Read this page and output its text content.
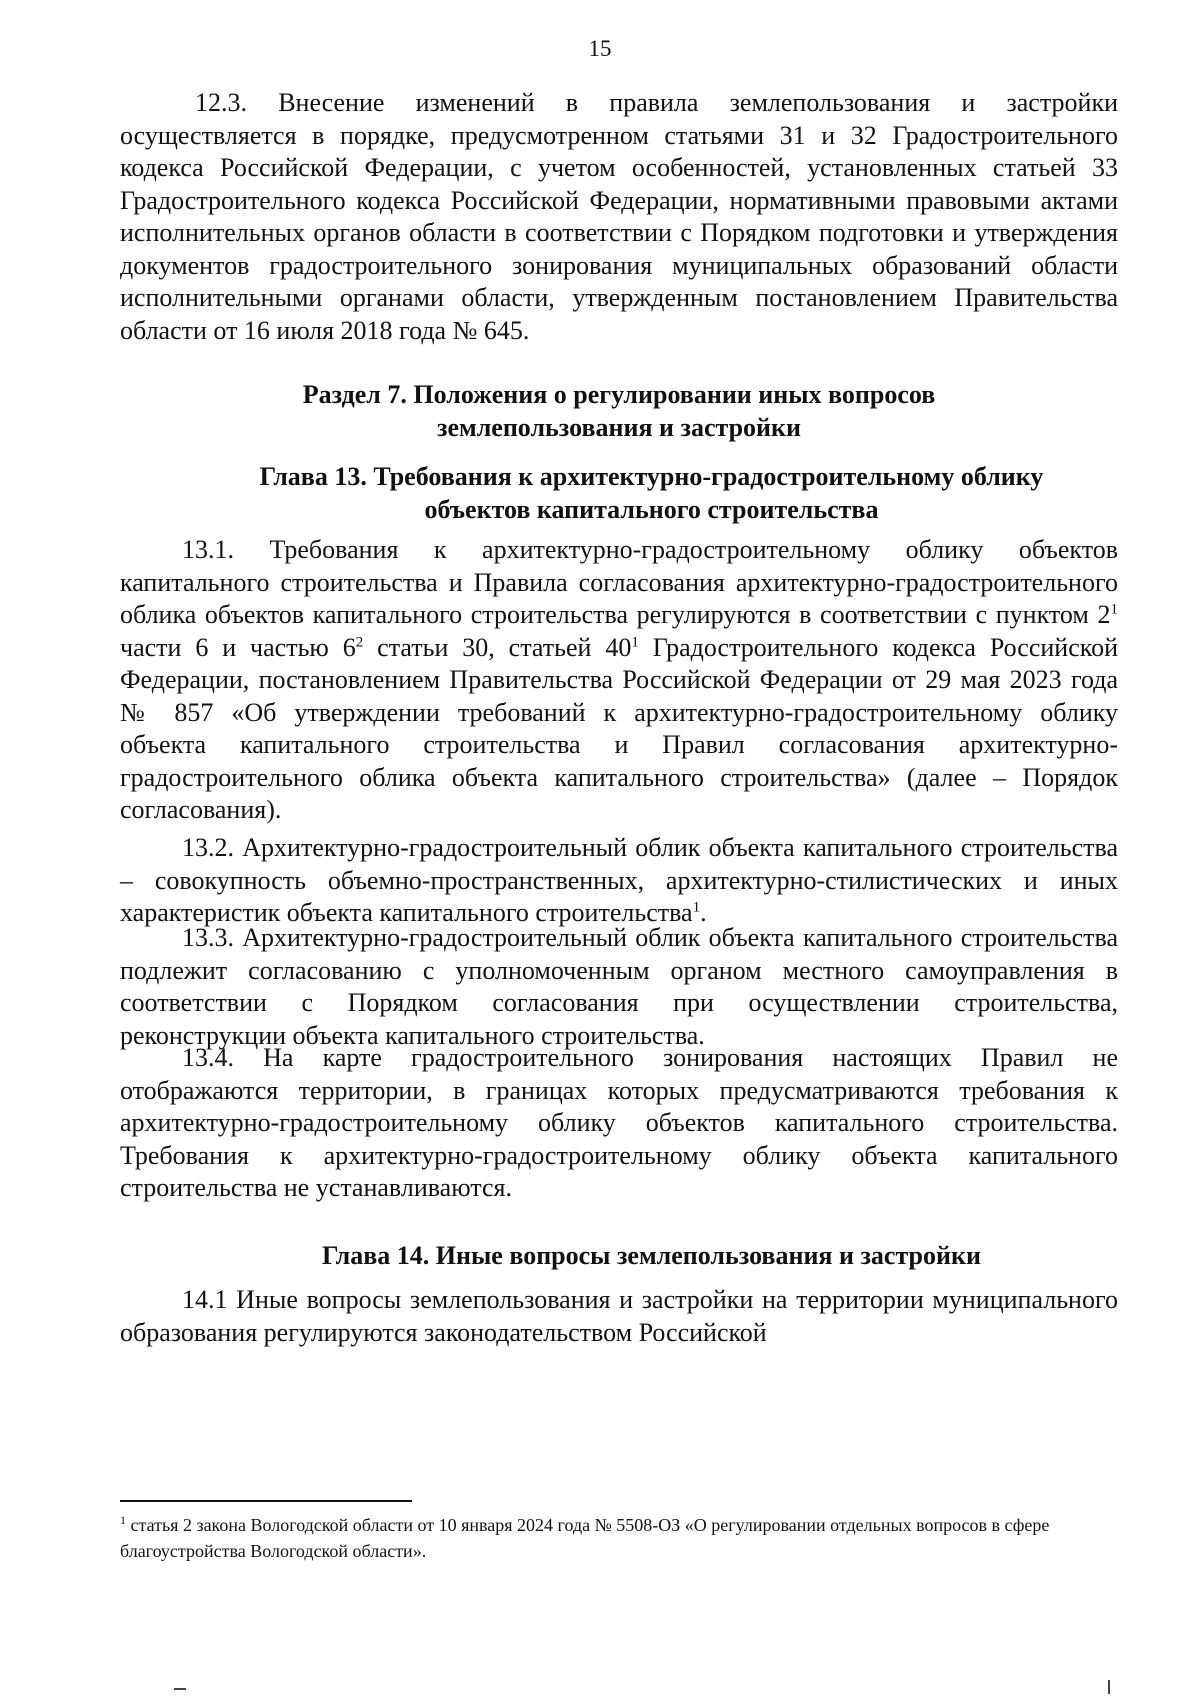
15

12.3. Внесение изменений в правила землепользования и застройки осуществляется в порядке, предусмотренном статьями 31 и 32 Градостроительного кодекса Российской Федерации, с учетом особенностей, установленных статьей 33 Градостроительного кодекса Российской Федерации, нормативными правовыми актами исполнительных органов области в соответствии с Порядком подготовки и утверждения документов градостроительного зонирования муниципальных образований области исполнительными органами области, утвержденным постановлением Правительства области от 16 июля 2018 года № 645.

Раздел 7. Положения о регулировании иных вопросов
землепользования и застройки
Глава 13. Требования к архитектурно-градостроительному облику
объектов капитального строительства

13.1. Требования к архитектурно-градостроительному облику объектов капитального строительства и Правила согласования архитектурно-градостроительного облика объектов капитального строительства регулируются в соответствии с пунктом $2^1$ части 6 и частью $6^2$ статьи 30, статьей $40^1$ Градостроительного кодекса Российской Федерации, постановлением Правительства Российской Федерации от 29 мая 2023 года № 857 «Об утверждении требований к архитектурно-градостроительному облику объекта капитального строительства и Правил согласования архитектурно-градостроительного облика объекта капитального строительства» (далее – Порядок согласования).

13.2. Архитектурно-градостроительный облик объекта капитального строительства – совокупность объемно-пространственных, архитектурно-стилистических и иных характеристик объекта капитального строительства$^1$.

13.3. Архитектурно-градостроительный облик объекта капитального строительства подлежит согласованию с уполномоченным органом местного самоуправления в соответствии с Порядком согласования при осуществлении строительства, реконструкции объекта капитального строительства.

13.4. На карте градостроительного зонирования настоящих Правил не отображаются территории, в границах которых предусматриваются требования к архитектурно-градостроительному облику объектов капитального строительства. Требования к архитектурно-градостроительному облику объекта капитального строительства не устанавливаются.

Глава 14. Иные вопросы землепользования и застройки

14.1 Иные вопросы землепользования и застройки на территории муниципального образования регулируются законодательством Российской

$^1$ статья 2 закона Вологодской области от 10 января 2024 года № 5508-ОЗ «О регулировании отдельных вопросов в сфере благоустройства Вологодской области».
